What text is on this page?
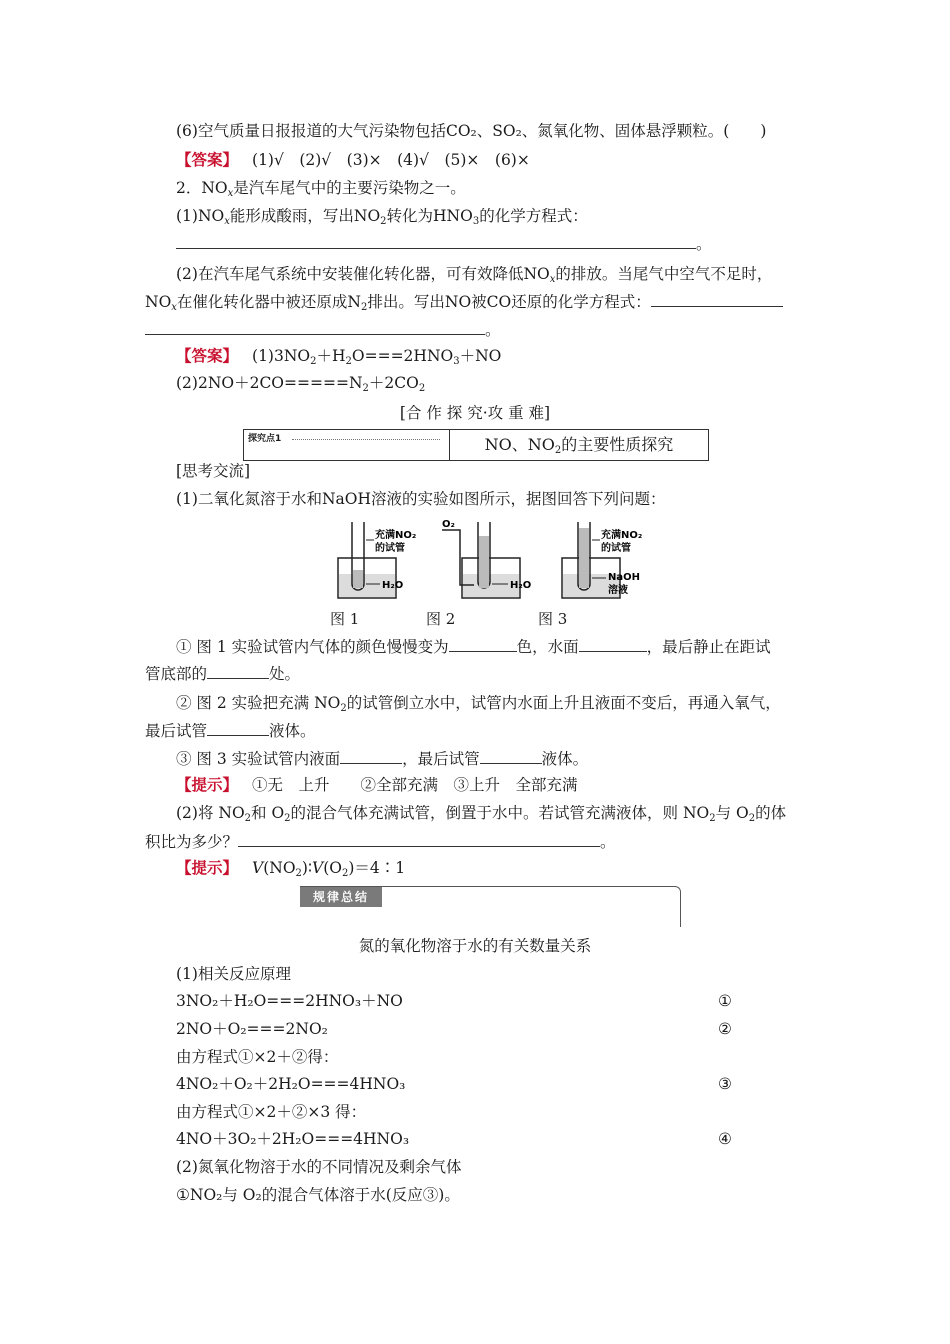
(6)空气质量日报报道的大气污染物包括CO₂、SO₂、氮氧化物、固体悬浮颗粒。(　　)
【答案】 (1)√　(2)√　(3)×　(4)√　(5)×　(6)×
2．$NO_x$是汽车尾气中的主要污染物之一。
$(1)NO_x$能形成酸雨，写出$NO_2$转化为$HNO_3$的化学方程式：
。
(2)在汽车尾气系统中安装催化转化器，可有效降低$NO_x$的排放。当尾气中空气不足时，
$NO_x$在催化转化器中被还原成$N_2$排出。写出NO被CO还原的化学方程式：
。
【答案】 $(1)3NO_2+H_2O===2HNO_3+NO$
$(2)2NO+2CO=====N_2+2CO_2$
[合 作 探 究·攻 重 难]
探究点1	NO、$NO_2$的主要性质探究
[思考交流]
(1)二氧化氮溶于水和NaOH溶液的实验如图所示，据图回答下列问题：
充满NO₂
的试管
H₂O
O₂
H₂O
充满NO₂
的试管
NaOH
溶液
图 1	图 2	图 3
① 图 1 实验试管内气体的颜色慢慢变为	色，水面	，最后静止在距试
管底部的	处。
② 图 2 实验把充满 $NO_2$的试管倒立水中，试管内水面上升且液面不变后，再通入氧气，
最后试管	液体。
③ 图 3 实验试管内液面	，最后试管	液体。
【提示】 ①无　上升　　②全部充满　③上升　全部充满
(2)将 $NO_2$和 $O_2$的混合气体充满试管，倒置于水中。若试管充满液体，则 $NO_2$与 $O_2$的体
积比为多少？	。
【提示】 $V(NO_2)∶V(O_2)=4∶1$
规律总结
氮的氧化物溶于水的有关数量关系
(1)相关反应原理
3NO₂＋H₂O===2HNO₃＋NO	①
2NO＋O₂===2NO₂	②
由方程式①×2＋②得：
4NO₂＋O₂＋2H₂O===4HNO₃	③
由方程式①×2＋②×3 得：
4NO＋3O₂＋2H₂O===4HNO₃	④
(2)氮氧化物溶于水的不同情况及剩余气体
①NO₂与 O₂的混合气体溶于水(反应③)。
